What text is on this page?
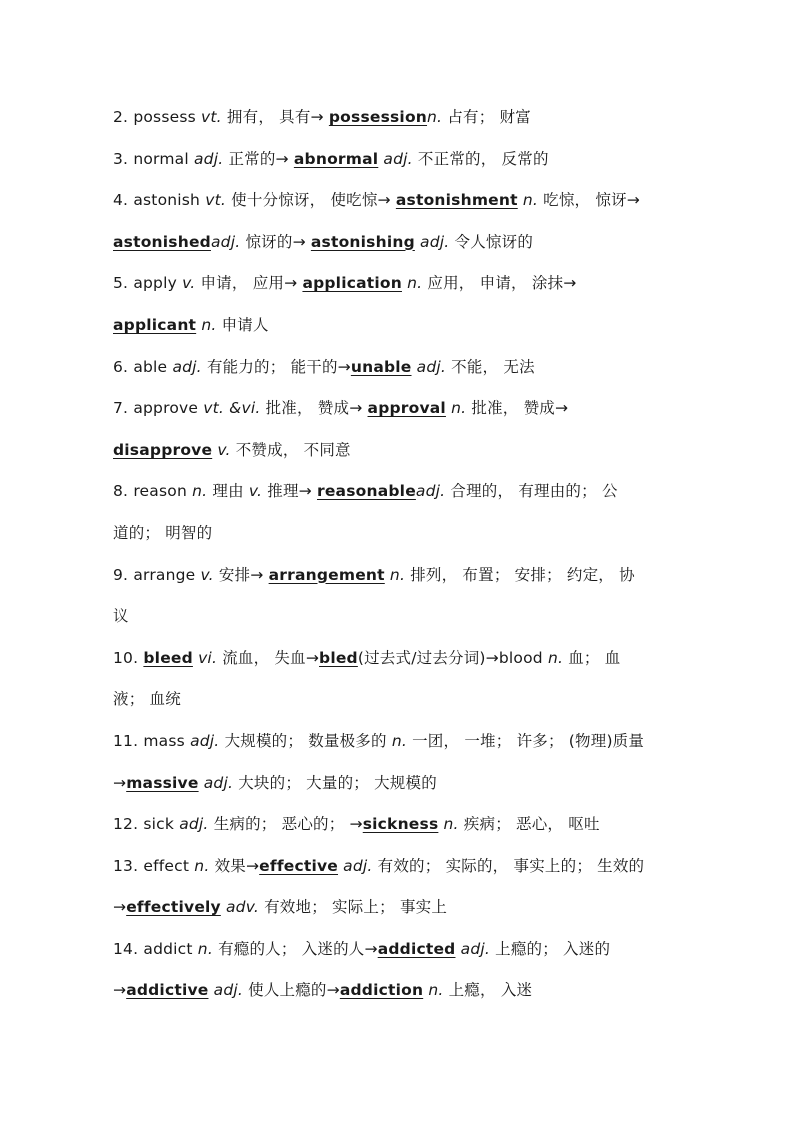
2. possess vt. 拥有， 具有→ possessionn. 占有； 财富
3. normal adj. 正常的→ abnormal adj. 不正常的， 反常的
4. astonish vt. 使十分惊讶， 使吃惊→ astonishment n. 吃惊， 惊讶→
astonishedadj. 惊讶的→ astonishing adj. 令人惊讶的
5. apply v. 申请， 应用→ application n. 应用， 申请， 涂抹→
applicant n. 申请人
6. able adj. 有能力的； 能干的→unable adj. 不能， 无法
7. approve vt. &vi. 批准， 赞成→ approval n. 批准， 赞成→
disapprove v. 不赞成， 不同意
8. reason n. 理由 v. 推理→ reasonableadj. 合理的， 有理由的； 公
道的； 明智的
9. arrange v. 安排→ arrangement n. 排列， 布置； 安排； 约定， 协
议
10. bleed vi. 流血， 失血→bled(过去式/过去分词)→blood n. 血； 血
液； 血统
11. mass adj. 大规模的； 数量极多的 n. 一团， 一堆； 许多； (物理)质量
→massive adj. 大块的； 大量的； 大规模的
12. sick adj. 生病的； 恶心的； →sickness n. 疾病； 恶心， 呕吐
13. effect n. 效果→effective adj. 有效的； 实际的， 事实上的； 生效的
→effectively adv. 有效地； 实际上； 事实上
14. addict n. 有瘾的人； 入迷的人→addicted adj. 上瘾的； 入迷的
→addictive adj. 使人上瘾的→addiction n. 上瘾， 入迷
